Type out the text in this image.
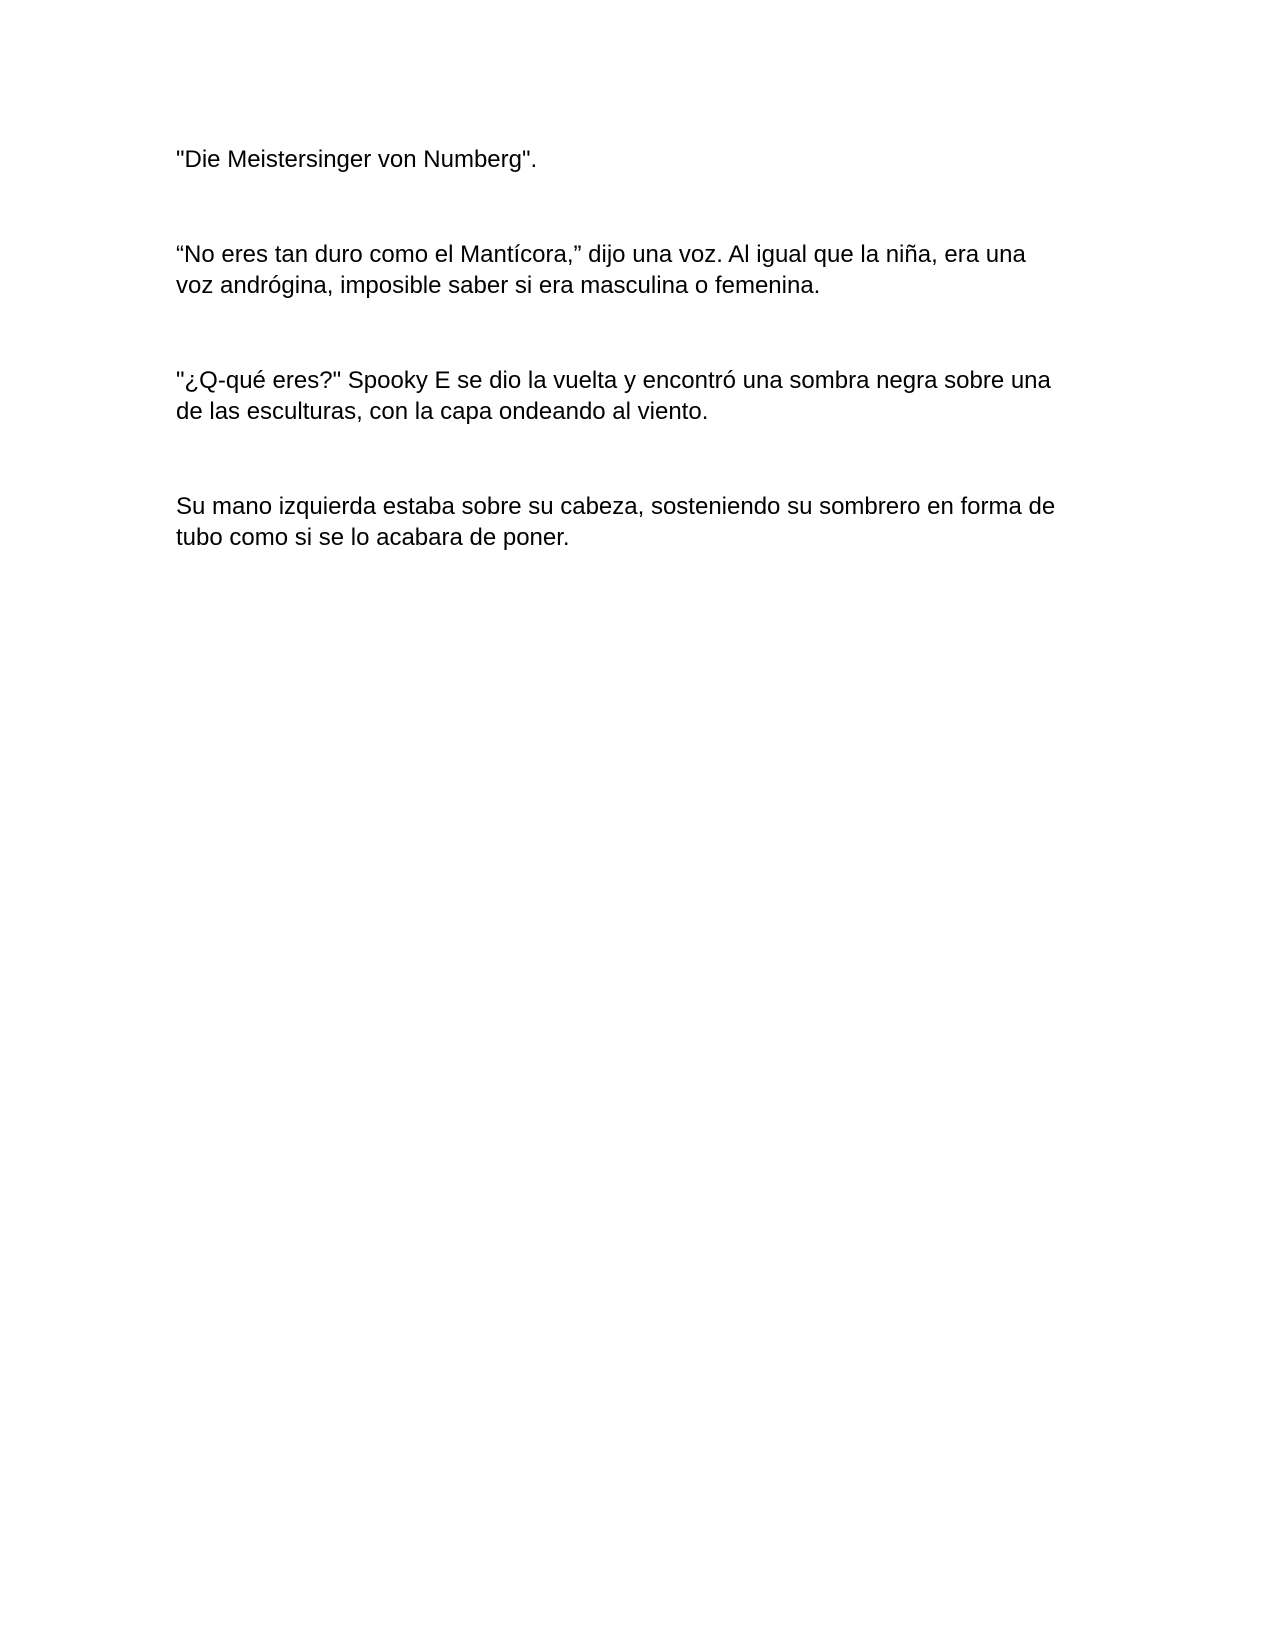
"Die Meistersinger von Numberg".

“No eres tan duro como el Mantícora,” dijo una voz. Al igual que la niña, era una
voz andrógina, imposible saber si era masculina o femenina.

"¿Q-qué eres?" Spooky E se dio la vuelta y encontró una sombra negra sobre una
de las esculturas, con la capa ondeando al viento.

Su mano izquierda estaba sobre su cabeza, sosteniendo su sombrero en forma de
tubo como si se lo acabara de poner.
